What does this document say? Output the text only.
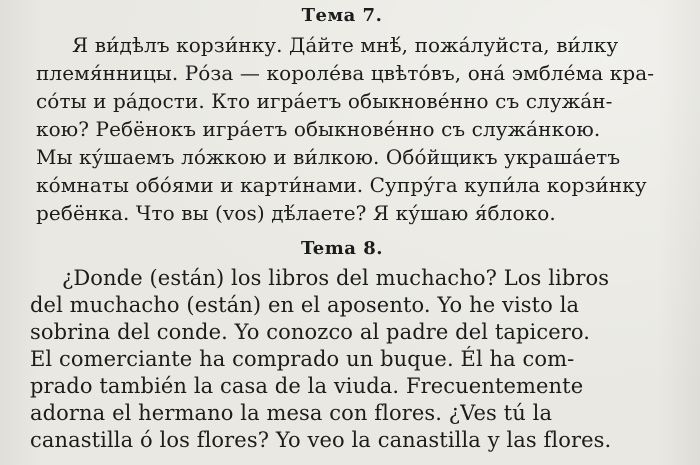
Тема 7.
Я ви́дѣлъ корзи́нку. Да́йте мнѣ́, пожа́луйста, ви́лку
племя́нницы. Ро́за — короле́ва цвѣто́въ, она́ эмбле́ма кра-
со́ты и ра́дости. Кто игра́етъ обыкнове́нно съ служа́н-
кою? Ребёнокъ игра́етъ обыкнове́нно съ служа́нкою.
Мы ку́шаемъ ло́жкою и ви́лкою. Обо́йщикъ украша́етъ
ко́мнаты обо́ями и карти́нами. Супру́га купи́ла корзи́нку
ребёнка. Что вы (vos) дѣ́лаете? Я ку́шаю я́блоко.
Tema 8.
¿Donde (están) los libros del muchacho? Los libros
del muchacho (están) en el aposento. Yo he visto la
sobrina del conde. Yo conozco al padre del tapicero.
El comerciante ha comprado un buque. Él ha com-
prado también la casa de la viuda. Frecuentemente
adorna el hermano la mesa con flores. ¿Ves tú la
canastilla ó los flores? Yo veo la canastilla y las flores.
